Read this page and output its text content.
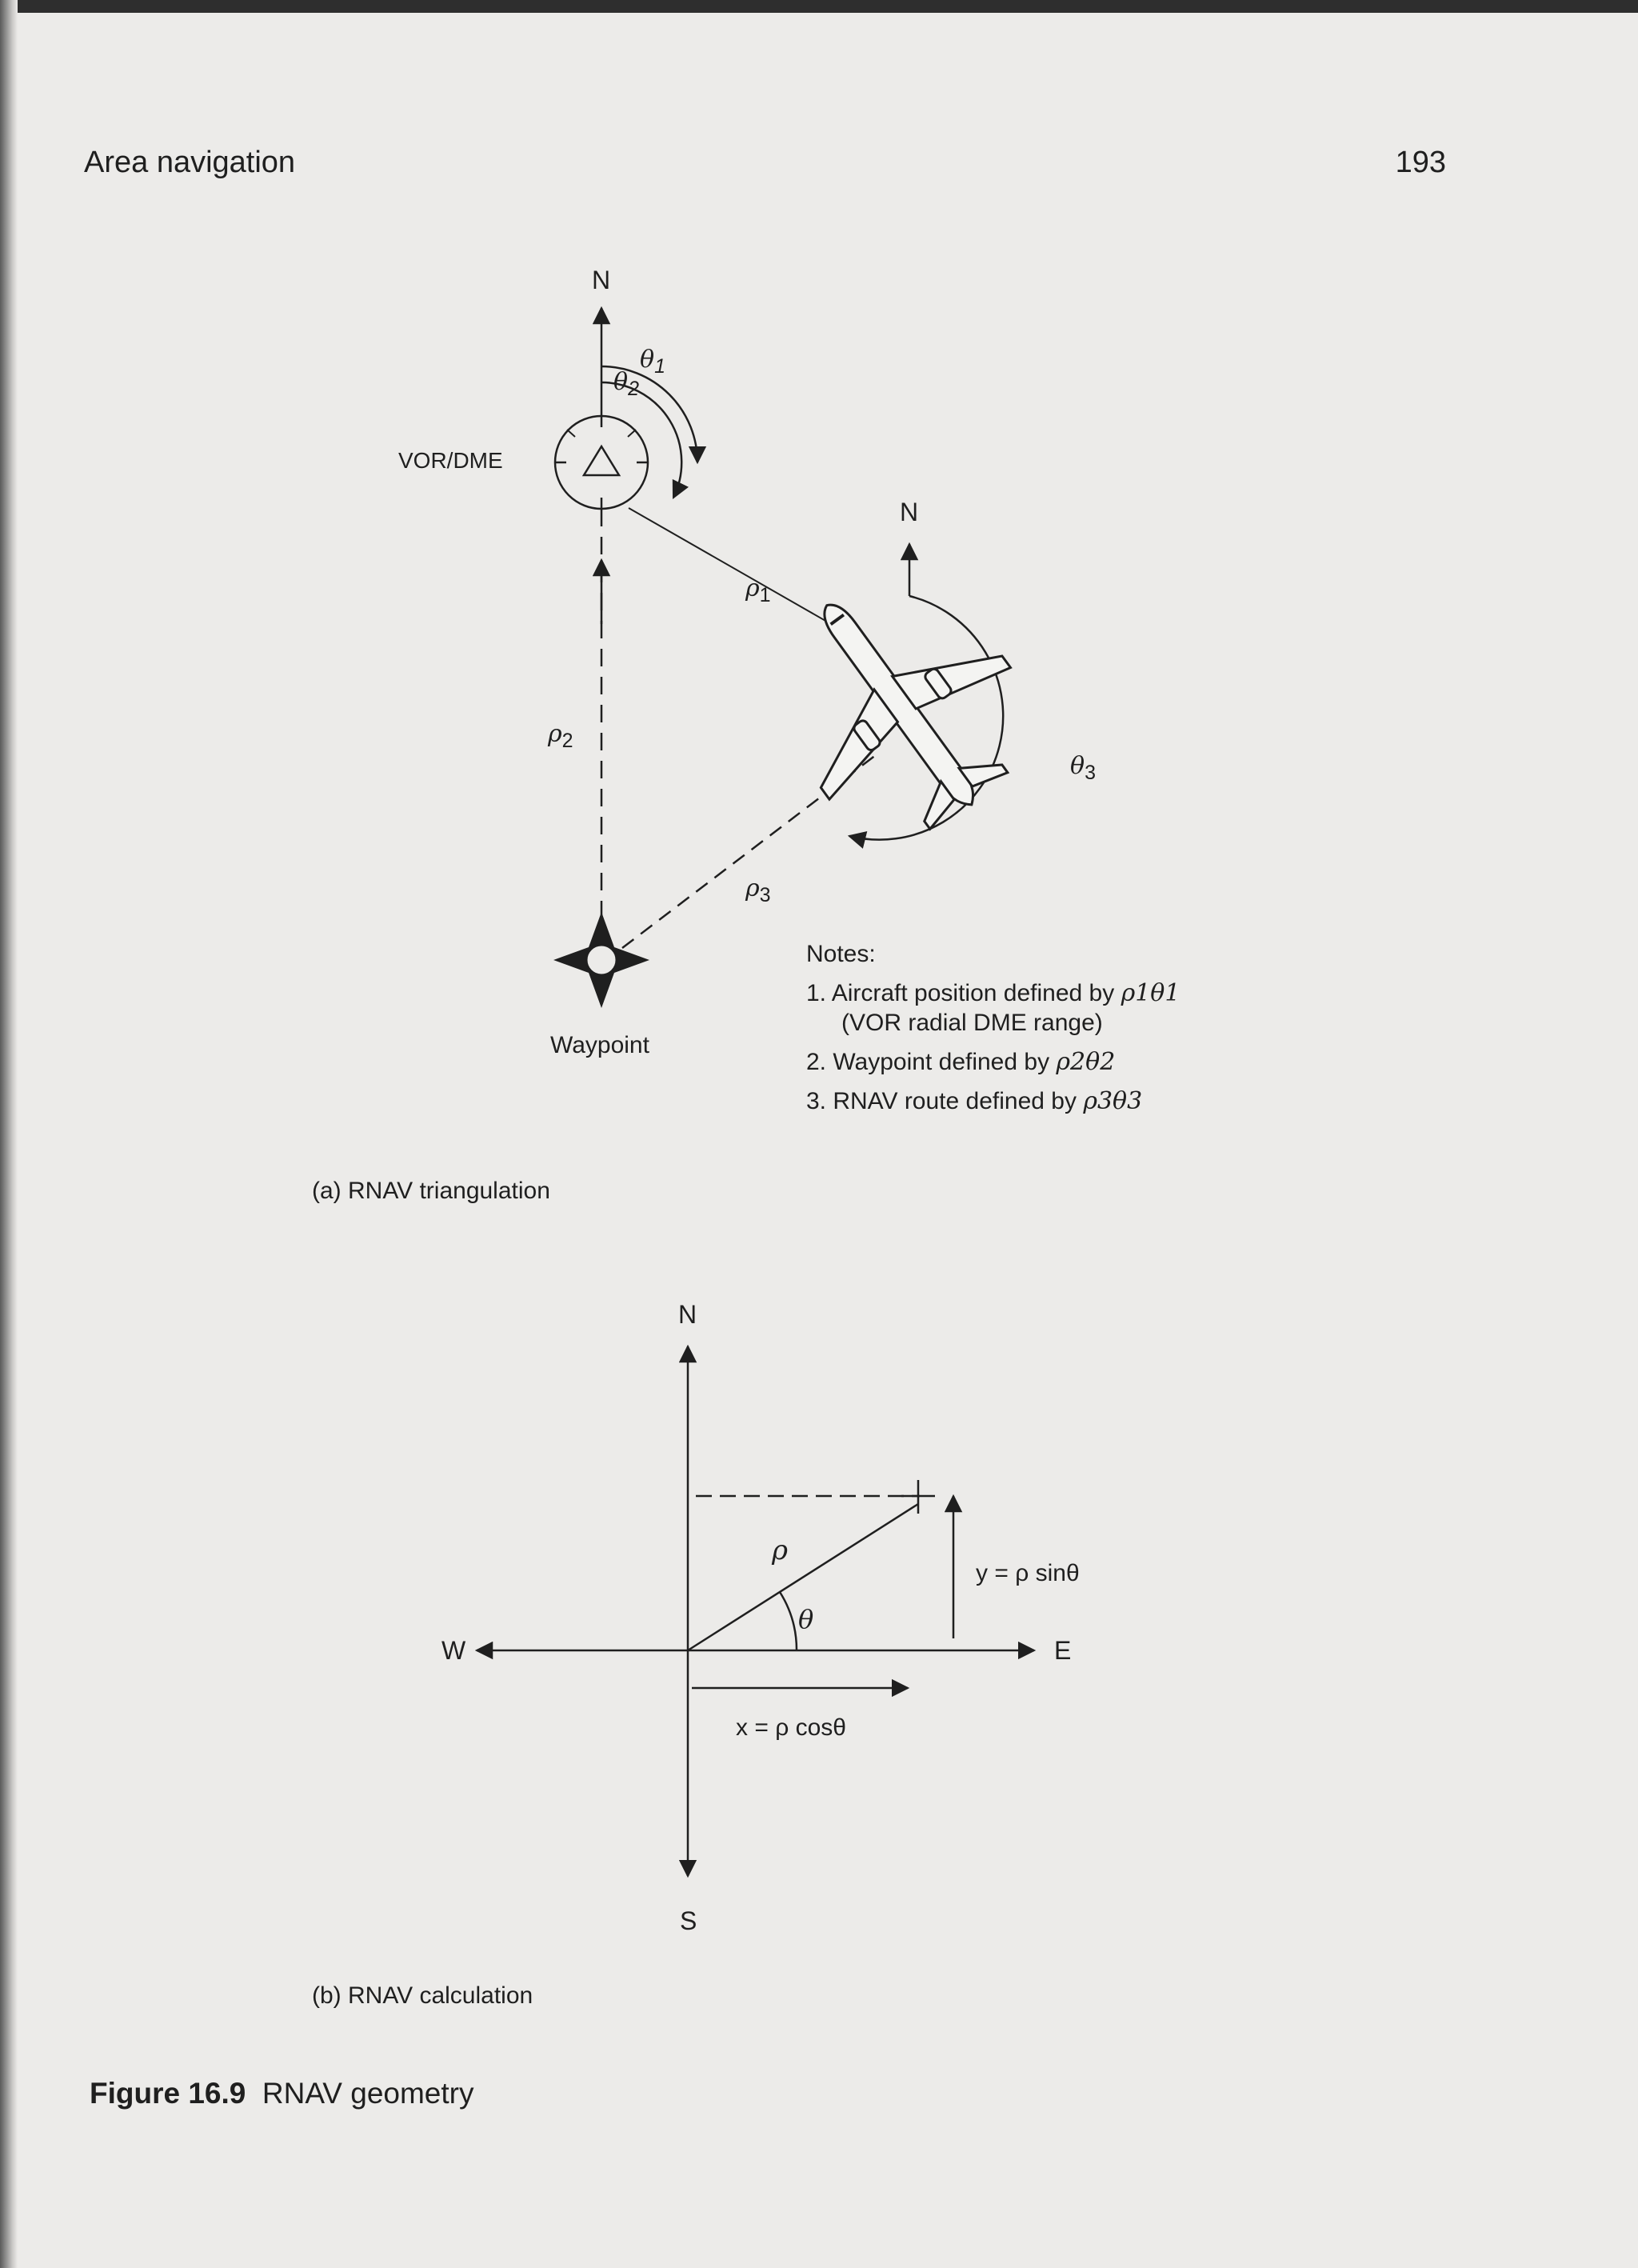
Area navigation	193
N
$\theta_1$
$\theta_2$
VOR/DME
N
$\rho_1$
$\rho_2$
$\theta_3$
$\rho_3$
Waypoint
(a) RNAV triangulation
Notes:
1. Aircraft position defined by ρ1θ1
(VOR radial DME range)
2. Waypoint defined by ρ2θ2
3. RNAV route defined by ρ3θ3
N
S
W	E
ρ
θ
y = ρ sinθ
x = ρ cosθ
(b) RNAV calculation
Figure 16.9 RNAV geometry
